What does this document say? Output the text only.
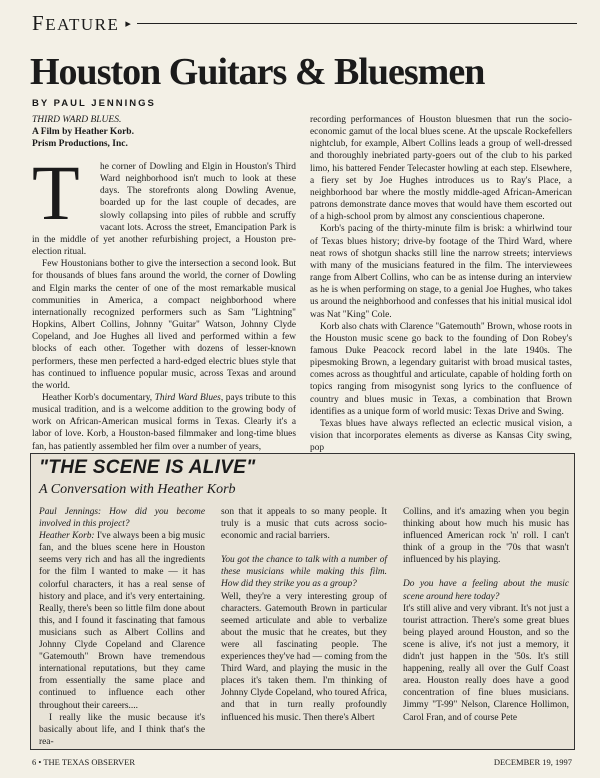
FEATURE ▸
Houston Guitars & Bluesmen
BY PAUL JENNINGS
THIRD WARD BLUES.
A Film by Heather Korb.
Prism Productions, Inc.

T	he corner of Dowling and Elgin in Houston's Third Ward neighborhood isn't much to look at these days. The storefronts along Dowling Avenue, boarded up for the last couple of decades, are slowly collapsing into piles of rubble and scruffy vacant lots. Across the street, Emancipation Park is in the middle of yet another refurbishing project, a Houston pre-election ritual.

Few Houstonians bother to give the intersection a second look. But for thousands of blues fans around the world, the corner of Dowling and Elgin marks the center of one of the most remarkable musical communities in America, a compact neighborhood where internationally recognized performers such as Sam "Lightning" Hopkins, Albert Collins, Johnny "Guitar" Watson, Johnny Clyde Copeland, and Joe Hughes all lived and performed within a few blocks of each other. Together with dozens of lesser-known performers, these men perfected a hard-edged electric blues style that has continued to influence popular music, across Texas and around the world.

Heather Korb's documentary, Third Ward Blues, pays tribute to this musical tradition, and is a welcome addition to the growing body of work on African-American musical forms in Texas. Clearly it's a labor of love. Korb, a Houston-based filmmaker and long-time blues fan, has patiently assembled her film over a number of years,

recording performances of Houston bluesmen that run the socio-economic gamut of the local blues scene. At the upscale Rockefellers nightclub, for example, Albert Collins leads a group of well-dressed and thoroughly inebriated party-goers out of the club to his parked limo, his battered Fender Telecaster howling at each step. Elsewhere, a fiery set by Joe Hughes introduces us to Ray's Place, a neighborhood bar where the mostly middle-aged African-American patrons demonstrate dance moves that would have them escorted out of a high-school prom by almost any conscientious chaperone.

Korb's pacing of the thirty-minute film is brisk: a whirlwind tour of Texas blues history; drive-by footage of the Third Ward, where neat rows of shotgun shacks still line the narrow streets; interviews with many of the musicians featured in the film. The interviewees range from Albert Collins, who can be as intense during an interview as he is when performing on stage, to a genial Joe Hughes, who takes us around the neighborhood and confesses that his initial musical idol was Nat "King" Cole.

Korb also chats with Clarence "Gatemouth" Brown, whose roots in the Houston music scene go back to the founding of Don Robey's famous Duke Peacock record label in the late 1940s. The pipesmoking Brown, a legendary guitarist with broad musical tastes, comes across as thoughtful and articulate, capable of holding forth on topics ranging from misogynist song lyrics to the confluence of country and blues music in Texas, a combination that Brown identifies as a unique form of world music: Texas Drive and Swing.

Texas blues have always reflected an eclectic musical vision, a vision that incorporates elements as diverse as Kansas City swing, pop

"THE SCENE IS ALIVE"
A Conversation with Heather Korb

Paul Jennings: How did you become involved in this project?

Heather Korb: I've always been a big music fan, and the blues scene here in Houston seems very rich and has all the ingredients for the film I wanted to make — it has colorful characters, it has a real sense of history and place, and it's very entertaining. Really, there's been so little film done about this, and I found it fascinating that famous musicians such as Albert Collins and Johnny Clyde Copeland and Clarence "Gatemouth" Brown have tremendous international reputations, but they came from essentially the same place and continued to influence each other throughout their careers....

I really like the music because it's basically about life, and I think that's the rea-

son that it appeals to so many people. It truly is a music that cuts across socio-economic and racial barriers.

You got the chance to talk with a number of these musicians while making this film. How did they strike you as a group?

Well, they're a very interesting group of characters. Gatemouth Brown in particular seemed articulate and able to verbalize about the music that he creates, but they were all fascinating people. The experiences they've had — coming from the Third Ward, and playing the music in the places it's taken them. I'm thinking of Johnny Clyde Copeland, who toured Africa, and that in turn really profoundly influenced his music. Then there's Albert

Collins, and it's amazing when you begin thinking about how much his music has influenced American rock 'n' roll. I can't think of a group in the '70s that wasn't influenced by his playing.

Do you have a feeling about the music scene around here today?

It's still alive and very vibrant. It's not just a tourist attraction. There's some great blues being played around Houston, and so the scene is alive, it's not just a memory, it didn't just happen in the '50s. It's still happening, really all over the Gulf Coast area. Houston really does have a good concentration of fine blues musicians. Jimmy "T-99" Nelson, Clarence Hollimon, Carol Fran, and of course Pete

6 • THE TEXAS OBSERVER	DECEMBER 19, 1997
